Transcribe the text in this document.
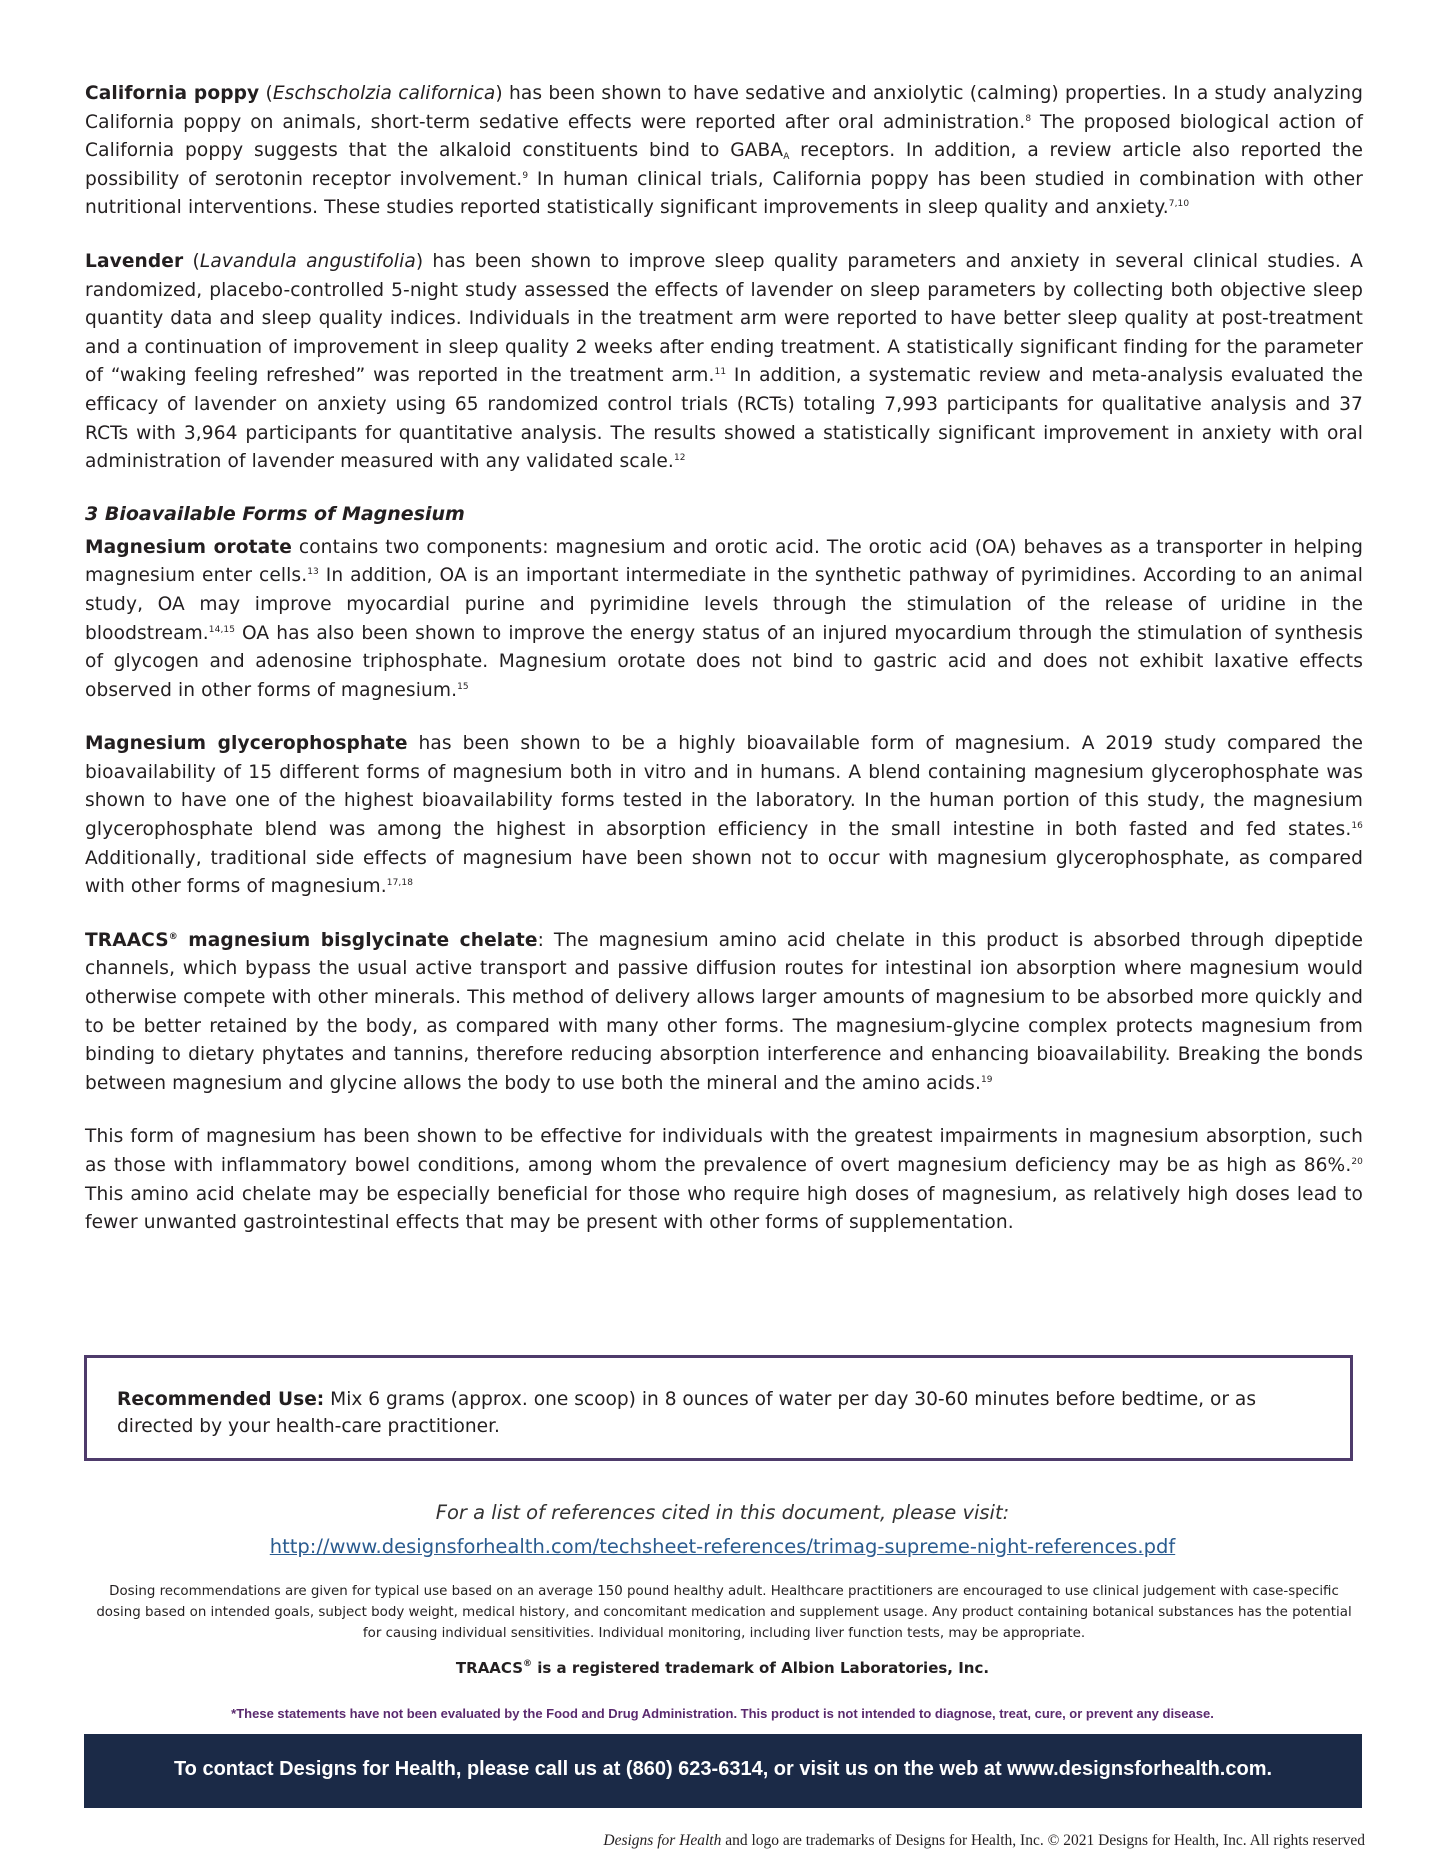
California poppy (Eschscholzia californica) has been shown to have sedative and anxiolytic (calming) properties. In a study analyzing California poppy on animals, short-term sedative effects were reported after oral administration.$^8$ The proposed biological action of California poppy suggests that the alkaloid constituents bind to $GABA_A$ receptors. In addition, a review article also reported the possibility of serotonin receptor involvement.$^9$ In human clinical trials, California poppy has been studied in combination with other nutritional interventions. These studies reported statistically significant improvements in sleep quality and anxiety.$^{7,10}$

Lavender (Lavandula angustifolia) has been shown to improve sleep quality parameters and anxiety in several clinical studies. A randomized, placebo-controlled 5-night study assessed the effects of lavender on sleep parameters by collecting both objective sleep quantity data and sleep quality indices. Individuals in the treatment arm were reported to have better sleep quality at post-treatment and a continuation of improvement in sleep quality 2 weeks after ending treatment. A statistically significant finding for the parameter of “waking feeling refreshed” was reported in the treatment arm.$^{11}$ In addition, a systematic review and meta-analysis evaluated the efficacy of lavender on anxiety using 65 randomized control trials (RCTs) totaling 7,993 participants for qualitative analysis and 37 RCTs with 3,964 participants for quantitative analysis. The results showed a statistically significant improvement in anxiety with oral administration of lavender measured with any validated scale.$^{12}$

3 Bioavailable Forms of Magnesium

Magnesium orotate contains two components: magnesium and orotic acid. The orotic acid (OA) behaves as a transporter in helping magnesium enter cells.$^{13}$ In addition, OA is an important intermediate in the synthetic pathway of pyrimidines. According to an animal study, OA may improve myocardial purine and pyrimidine levels through the stimulation of the release of uridine in the bloodstream.$^{14,15}$ OA has also been shown to improve the energy status of an injured myocardium through the stimulation of synthesis of glycogen and adenosine triphosphate. Magnesium orotate does not bind to gastric acid and does not exhibit laxative effects observed in other forms of magnesium.$^{15}$

Magnesium glycerophosphate has been shown to be a highly bioavailable form of magnesium. A 2019 study compared the bioavailability of 15 different forms of magnesium both in vitro and in humans. A blend containing magnesium glycerophosphate was shown to have one of the highest bioavailability forms tested in the laboratory. In the human portion of this study, the magnesium glycerophosphate blend was among the highest in absorption efficiency in the small intestine in both fasted and fed states.$^{16}$ Additionally, traditional side effects of magnesium have been shown not to occur with magnesium glycerophosphate, as compared with other forms of magnesium.$^{17,18}$

TRAACS® magnesium bisglycinate chelate: The magnesium amino acid chelate in this product is absorbed through dipeptide channels, which bypass the usual active transport and passive diffusion routes for intestinal ion absorption where magnesium would otherwise compete with other minerals. This method of delivery allows larger amounts of magnesium to be absorbed more quickly and to be better retained by the body, as compared with many other forms. The magnesium-glycine complex protects magnesium from binding to dietary phytates and tannins, therefore reducing absorption interference and enhancing bioavailability. Breaking the bonds between magnesium and glycine allows the body to use both the mineral and the amino acids.$^{19}$

This form of magnesium has been shown to be effective for individuals with the greatest impairments in magnesium absorption, such as those with inflammatory bowel conditions, among whom the prevalence of overt magnesium deficiency may be as high as 86%.$^{20}$ This amino acid chelate may be especially beneficial for those who require high doses of magnesium, as relatively high doses lead to fewer unwanted gastrointestinal effects that may be present with other forms of supplementation.

Recommended Use: Mix 6 grams (approx. one scoop) in 8 ounces of water per day 30-60 minutes before bedtime, or as directed by your health-care practitioner.
For a list of references cited in this document, please visit:
http://www.designsforhealth.com/techsheet-references/trimag-supreme-night-references.pdf
Dosing recommendations are given for typical use based on an average 150 pound healthy adult. Healthcare practitioners are encouraged to use clinical judgement with case-specific dosing based on intended goals, subject body weight, medical history, and concomitant medication and supplement usage. Any product containing botanical substances has the potential for causing individual sensitivities. Individual monitoring, including liver function tests, may be appropriate.
TRAACS® is a registered trademark of Albion Laboratories, Inc.
*These statements have not been evaluated by the Food and Drug Administration. This product is not intended to diagnose, treat, cure, or prevent any disease.
To contact Designs for Health, please call us at (860) 623-6314, or visit us on the web at www.designsforhealth.com.
Designs for Health and logo are trademarks of Designs for Health, Inc. © 2021 Designs for Health, Inc. All rights reserved
